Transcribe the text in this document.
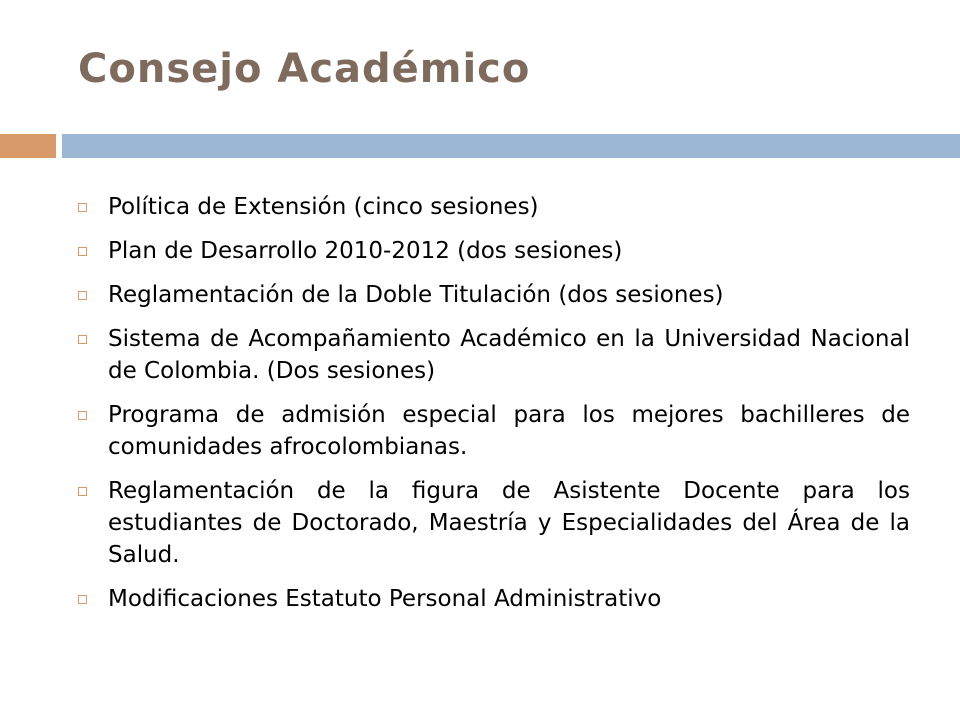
Consejo Académico
Política de Extensión (cinco sesiones)
Plan de Desarrollo 2010-2012 (dos sesiones)
Reglamentación de la Doble Titulación (dos sesiones)
Sistema de Acompañamiento Académico en la Universidad Nacional de Colombia. (Dos sesiones)
Programa de admisión especial para los mejores bachilleres de comunidades afrocolombianas.
Reglamentación de la figura de Asistente Docente para los estudiantes de Doctorado, Maestría y Especialidades del Área de la Salud.
Modificaciones Estatuto Personal Administrativo
